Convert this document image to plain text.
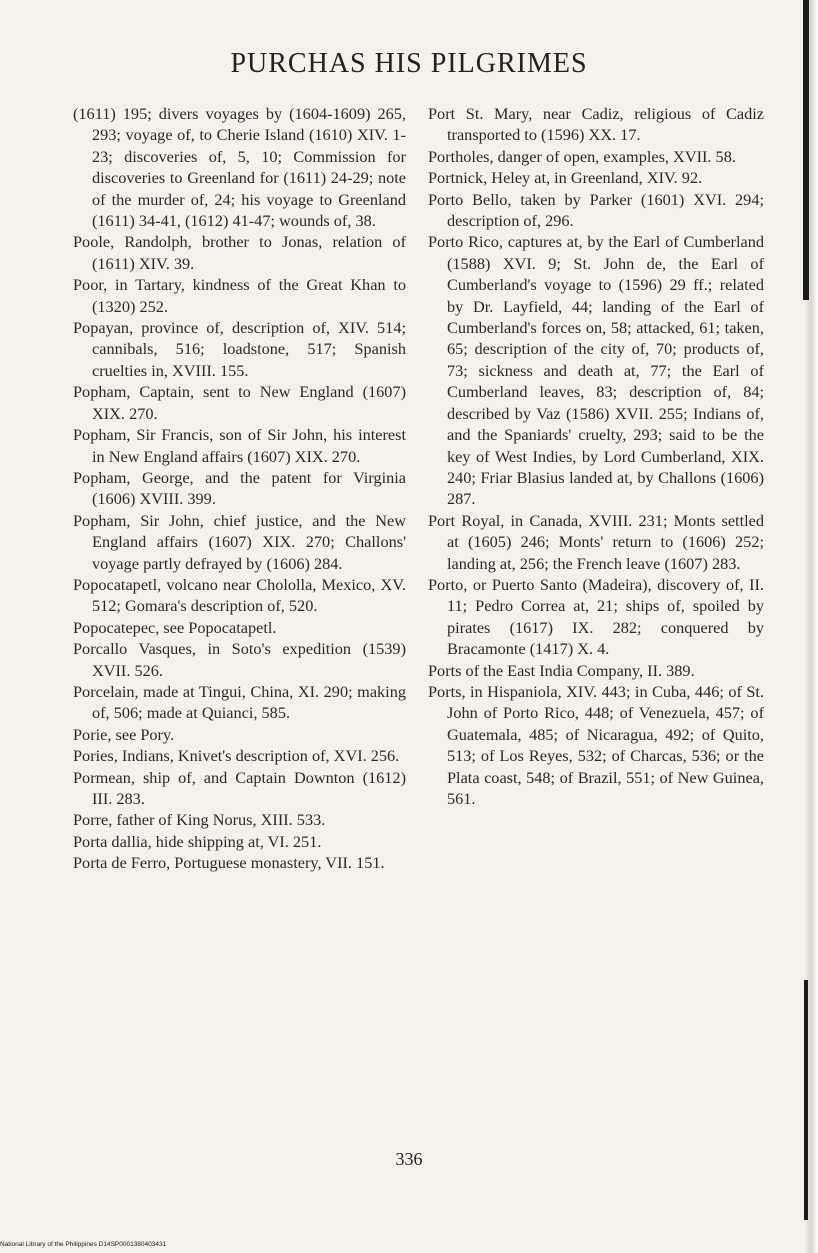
PURCHAS HIS PILGRIMES

(1611) 195; divers voyages by (1604-1609) 265, 293; voyage of, to Cherie Island (1610) XIV. 1-23; discoveries of, 5, 10; Commission for discoveries to Greenland for (1611) 24-29; note of the murder of, 24; his voyage to Greenland (1611) 34-41, (1612) 41-47; wounds of, 38.

Poole, Randolph, brother to Jonas, relation of (1611) XIV. 39.

Poor, in Tartary, kindness of the Great Khan to (1320) 252.

Popayan, province of, description of, XIV. 514; cannibals, 516; loadstone, 517; Spanish cruelties in, XVIII. 155.

Popham, Captain, sent to New England (1607) XIX. 270.

Popham, Sir Francis, son of Sir John, his interest in New England affairs (1607) XIX. 270.

Popham, George, and the patent for Virginia (1606) XVIII. 399.

Popham, Sir John, chief justice, and the New England affairs (1607) XIX. 270; Challons' voyage partly defrayed by (1606) 284.

Popocatapetl, volcano near Chololla, Mexico, XV. 512; Gomara's description of, 520.

Popocatepec, see Popocatapetl.

Porcallo Vasques, in Soto's expedition (1539) XVII. 526.

Porcelain, made at Tingui, China, XI. 290; making of, 506; made at Quianci, 585.

Porie, see Pory.

Pories, Indians, Knivet's description of, XVI. 256.

Pormean, ship of, and Captain Downton (1612) III. 283.

Porre, father of King Norus, XIII. 533.

Porta dallia, hide shipping at, VI. 251.

Porta de Ferro, Portuguese monastery, VII. 151.

Port St. Mary, near Cadiz, religious of Cadiz transported to (1596) XX. 17.

Portholes, danger of open, examples, XVII. 58.

Portnick, Heley at, in Greenland, XIV. 92.

Porto Bello, taken by Parker (1601) XVI. 294; description of, 296.

Porto Rico, captures at, by the Earl of Cumberland (1588) XVI. 9; St. John de, the Earl of Cumberland's voyage to (1596) 29 ff.; related by Dr. Layfield, 44; landing of the Earl of Cumberland's forces on, 58; attacked, 61; taken, 65; description of the city of, 70; products of, 73; sickness and death at, 77; the Earl of Cumberland leaves, 83; description of, 84; described by Vaz (1586) XVII. 255; Indians of, and the Spaniards' cruelty, 293; said to be the key of West Indies, by Lord Cumberland, XIX. 240; Friar Blasius landed at, by Challons (1606) 287.

Port Royal, in Canada, XVIII. 231; Monts settled at (1605) 246; Monts' return to (1606) 252; landing at, 256; the French leave (1607) 283.

Porto, or Puerto Santo (Madeira), discovery of, II. 11; Pedro Correa at, 21; ships of, spoiled by pirates (1617) IX. 282; conquered by Bracamonte (1417) X. 4.

Ports of the East India Company, II. 389.

Ports, in Hispaniola, XIV. 443; in Cuba, 446; of St. John of Porto Rico, 448; of Venezuela, 457; of Guatemala, 485; of Nicaragua, 492; of Quito, 513; of Los Reyes, 532; of Charcas, 536; or the Plata coast, 548; of Brazil, 551; of New Guinea, 561.

336
National Library of the Philippines D14SP0001380403431
